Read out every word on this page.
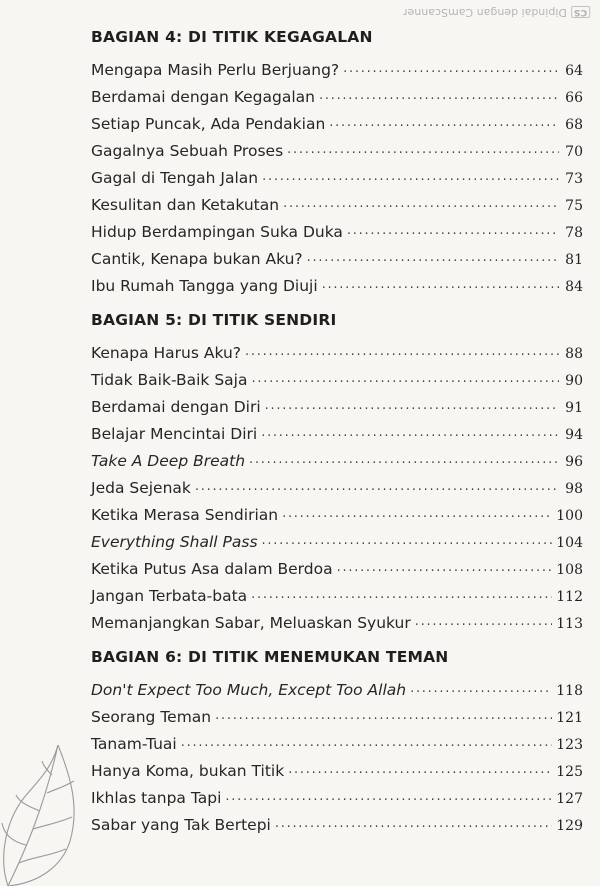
CS
Dipindai dengan CamScanner
BAGIAN 4: DI TITIK KEGAGALAN
Mengapa Masih Perlu Berjuang? . . .	64
Berdamai dengan Kegagalan . . .	66
Setiap Puncak, Ada Pendakian . . .	68
Gagalnya Sebuah Proses . . .	70
Gagal di Tengah Jalan . . .	73
Kesulitan dan Ketakutan . . .	75
Hidup Berdampingan Suka Duka . . .	78
Cantik, Kenapa bukan Aku? . . .	81
Ibu Rumah Tangga yang Diuji . . .	84
BAGIAN 5: DI TITIK SENDIRI
Kenapa Harus Aku? . . .	88
Tidak Baik-Baik Saja . . .	90
Berdamai dengan Diri . . .	91
Belajar Mencintai Diri . . .	94
Take A Deep Breath . . .	96
Jeda Sejenak . . .	98
Ketika Merasa Sendirian . . .	100
Everything Shall Pass . . .	104
Ketika Putus Asa dalam Berdoa . . .	108
Jangan Terbata-bata . . .	112
Memanjangkan Sabar, Meluaskan Syukur . . .	113
BAGIAN 6: DI TITIK MENEMUKAN TEMAN
Don't Expect Too Much, Except Too Allah . . .	118
Seorang Teman . . .	121
Tanam-Tuai . . .	123
Hanya Koma, bukan Titik . . .	125
Ikhlas tanpa Tapi . . .	127
Sabar yang Tak Bertepi . . .	129
